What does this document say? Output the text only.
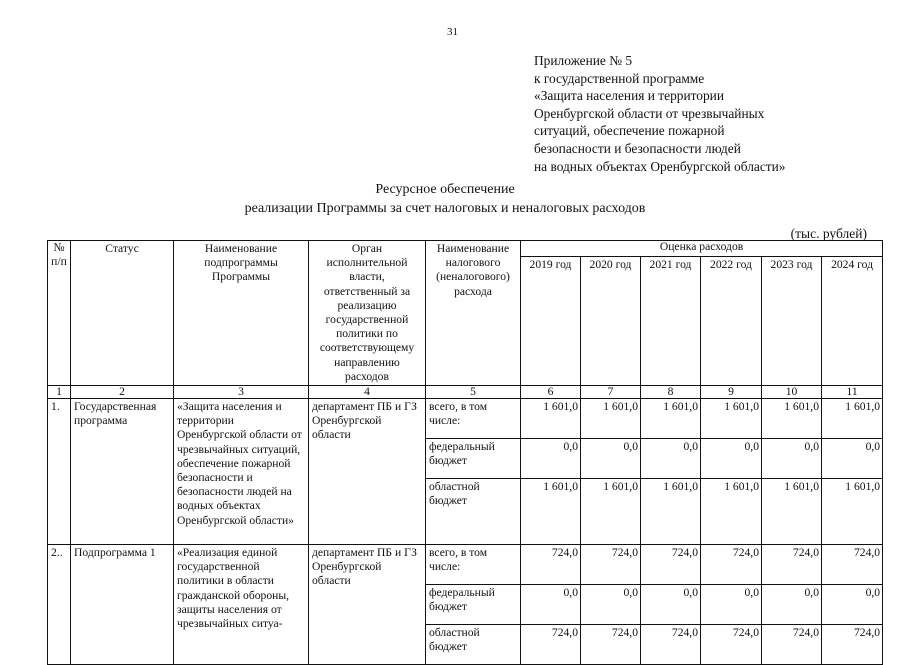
31
Приложение № 5
к государственной программе
«Защита населения и территории
Оренбургской области от чрезвычайных
ситуаций, обеспечение пожарной
безопасности и безопасности людей
на водных объектах Оренбургской области»
Ресурсное обеспечение
реализации Программы за счет налоговых и неналоговых расходов
(тыс. рублей)
№ п/п	Статус	Наименование подпрограммы Программы	Орган исполнительной власти, ответственный за реализацию государственной политики по соответствующему направлению расходов	Наименование налогового (неналогового) расхода	Оценка расходов					
					2019 год	2020 год	2021 год	2022 год	2023 год	2024 год
1	2	3	4	5	6	7	8	9	10	11
1.	Государственная программа	«Защита населения и территории Оренбургской области от чрезвычайных ситуаций, обеспечение пожарной безопасности и безопасности людей на водных объектах Оренбургской области»	департамент ПБ и ГЗ Оренбургской области	всего, в том числе:	1 601,0	1 601,0	1 601,0	1 601,0	1 601,0	1 601,0
				федеральный бюджет	0,0	0,0	0,0	0,0	0,0	0,0
				областной бюджет	1 601,0	1 601,0	1 601,0	1 601,0	1 601,0	1 601,0
2..	Подпрограмма 1	«Реализация единой государственной политики в области гражданской обороны, защиты населения от чрезвычайных ситуа-	департамент ПБ и ГЗ Оренбургской области	всего, в том числе:	724,0	724,0	724,0	724,0	724,0	724,0
				федеральный бюджет	0,0	0,0	0,0	0,0	0,0	0,0
				областной бюджет	724,0	724,0	724,0	724,0	724,0	724,0
